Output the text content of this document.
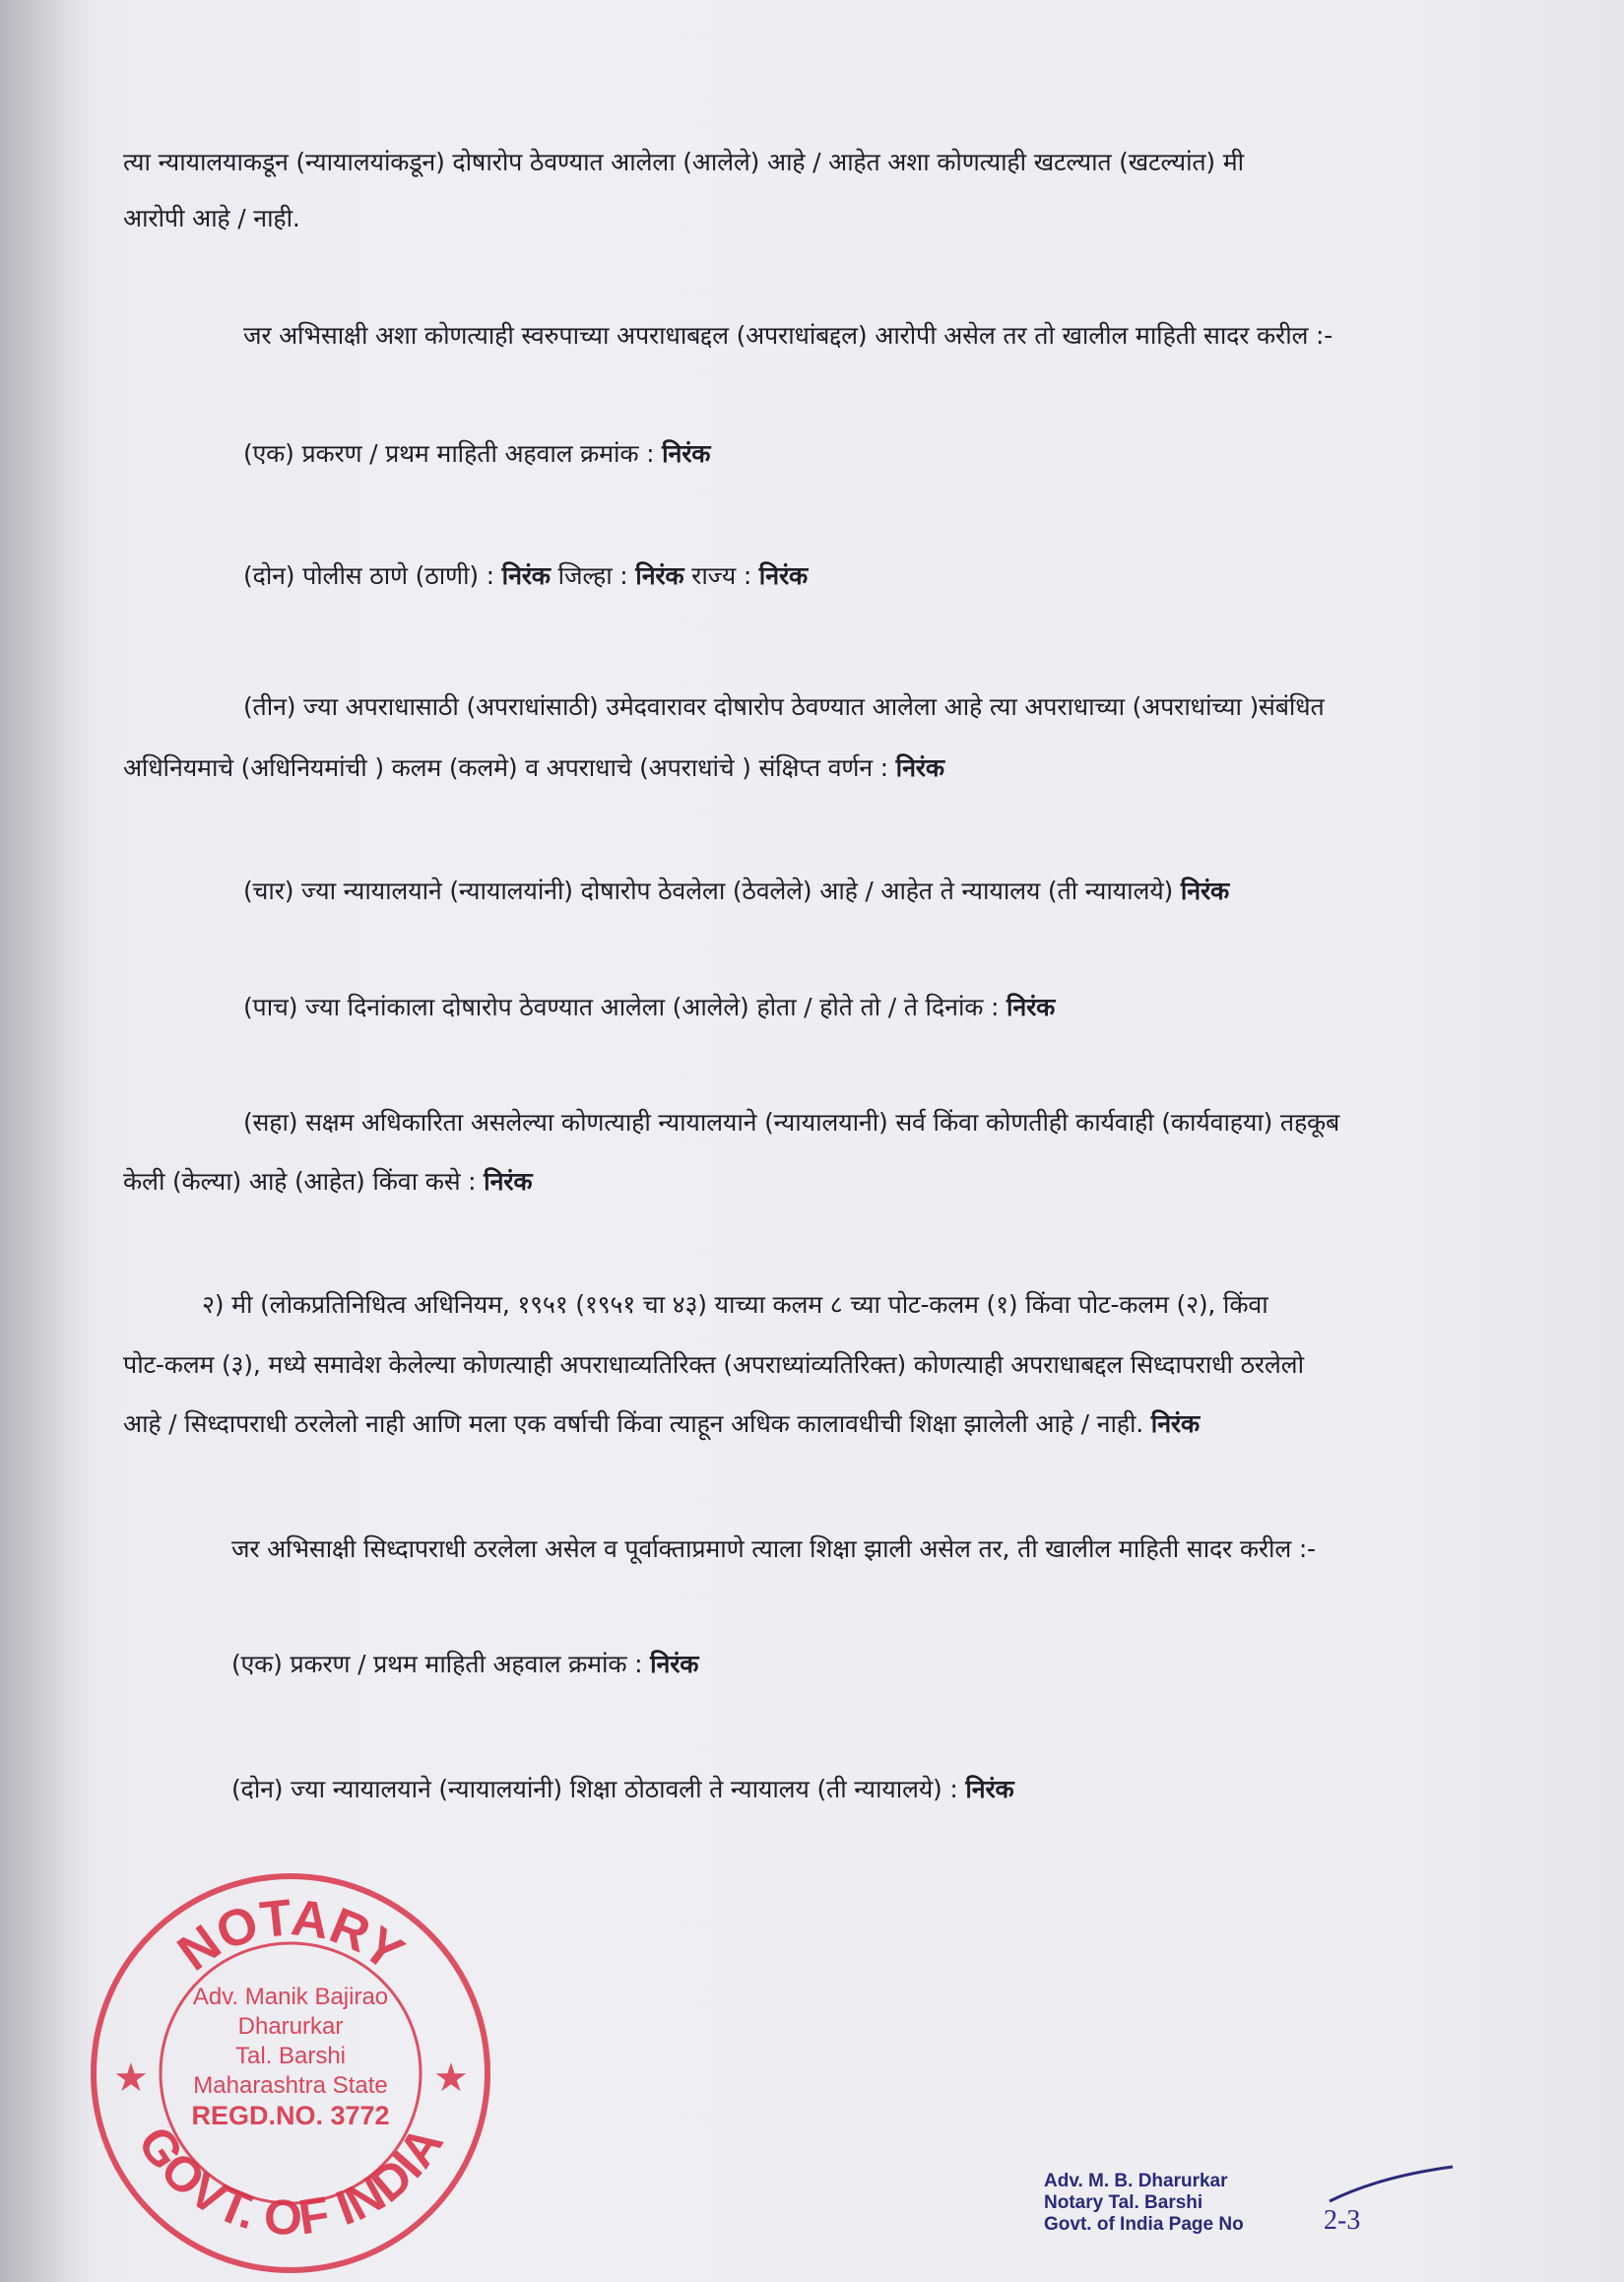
त्या न्यायालयाकडून (न्यायालयांकडून) दोषारोप ठेवण्यात आलेला (आलेले) आहे / आहेत अशा कोणत्याही खटल्यात (खटल्यांत) मी
आरोपी आहे / नाही.
जर अभिसाक्षी अशा कोणत्याही स्वरुपाच्या अपराधाबद्दल (अपराधांबद्दल) आरोपी असेल तर तो खालील माहिती सादर करील :-
(एक) प्रकरण / प्रथम माहिती अहवाल क्रमांक : निरंक
(दोन) पोलीस ठाणे (ठाणी) : निरंक जिल्हा : निरंक राज्य : निरंक
(तीन) ज्या अपराधासाठी (अपराधांसाठी) उमेदवारावर दोषारोप ठेवण्यात आलेला आहे त्या अपराधाच्या (अपराधांच्या )संबंधित
अधिनियमाचे (अधिनियमांची ) कलम (कलमे) व अपराधाचे (अपराधांचे ) संक्षिप्त वर्णन : निरंक
(चार) ज्या न्यायालयाने (न्यायालयांनी) दोषारोप ठेवलेला (ठेवलेले) आहे / आहेत ते न्यायालय (ती न्यायालये) निरंक
(पाच) ज्या दिनांकाला दोषारोप ठेवण्यात आलेला (आलेले) होता / होते तो / ते दिनांक : निरंक
(सहा) सक्षम अधिकारिता असलेल्या कोणत्याही न्यायालयाने (न्यायालयानी) सर्व किंवा कोणतीही कार्यवाही (कार्यवाहया) तहकूब
केली (केल्या) आहे (आहेत) किंवा कसे : निरंक
२) मी (लोकप्रतिनिधित्व अधिनियम, १९५१ (१९५१ चा ४३) याच्या कलम ८ च्या पोट-कलम (१) किंवा पोट-कलम (२), किंवा
पोट-कलम (३), मध्ये समावेश केलेल्या कोणत्याही अपराधाव्यतिरिक्त (अपराध्यांव्यतिरिक्त) कोणत्याही अपराधाबद्दल सिध्दापराधी ठरलेलो
आहे / सिध्दापराधी ठरलेलो नाही आणि मला एक वर्षाची किंवा त्याहून अधिक कालावधीची शिक्षा झालेली आहे / नाही. निरंक
जर अभिसाक्षी सिध्दापराधी ठरलेला असेल व पूर्वाक्ताप्रमाणे त्याला शिक्षा झाली असेल तर, ती खालील माहिती सादर करील :-
(एक) प्रकरण / प्रथम माहिती अहवाल क्रमांक : निरंक
(दोन) ज्या न्यायालयाने (न्यायालयांनी) शिक्षा ठोठावली ते न्यायालय (ती न्यायालये) : निरंक
NOTARY
GOVT. OF INDIA
★	★
Adv. Manik Bajirao
Dharurkar
Tal. Barshi
Maharashtra State
REGD.NO. 3772
Adv. M. B. Dharurkar
Notary Tal. Barshi
Govt. of India Page No	2-3
